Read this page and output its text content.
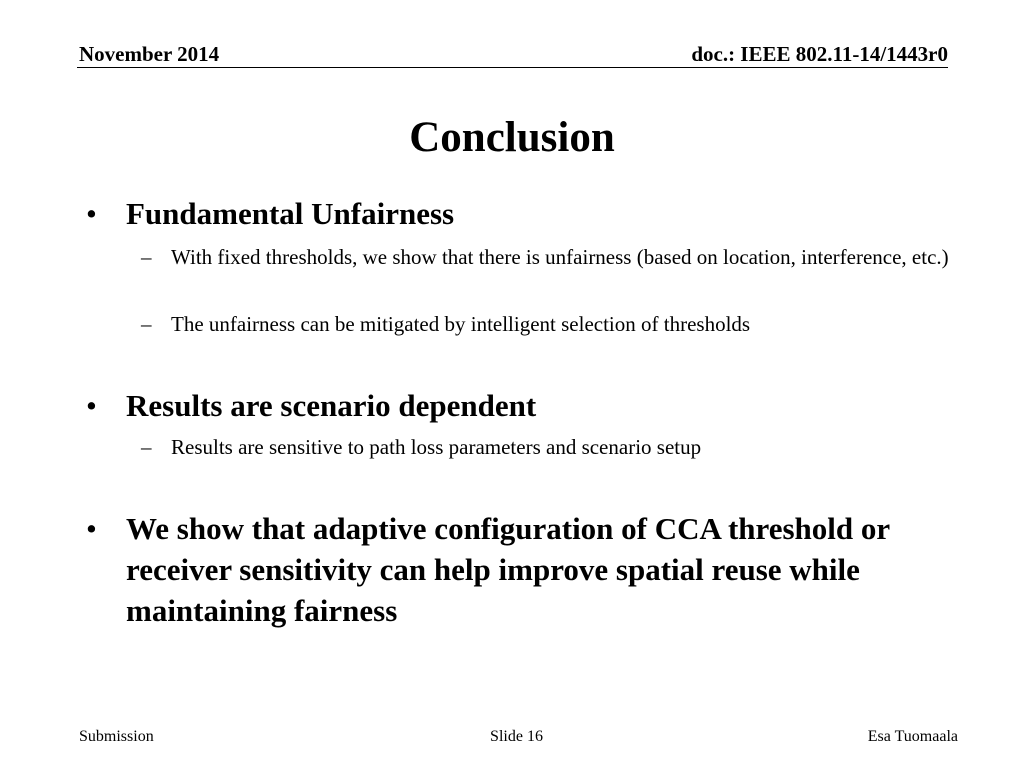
November 2014	doc.: IEEE 802.11-14/1443r0
Conclusion
• Fundamental Unfairness
– With fixed thresholds, we show that there is unfairness (based on location, interference, etc.)
– The unfairness can be mitigated by intelligent selection of thresholds
• Results are scenario dependent
– Results are sensitive to path loss parameters and scenario setup
• We show that adaptive configuration of CCA threshold or receiver sensitivity can help improve spatial reuse while maintaining fairness
Submission	Slide 16	Esa Tuomaala
